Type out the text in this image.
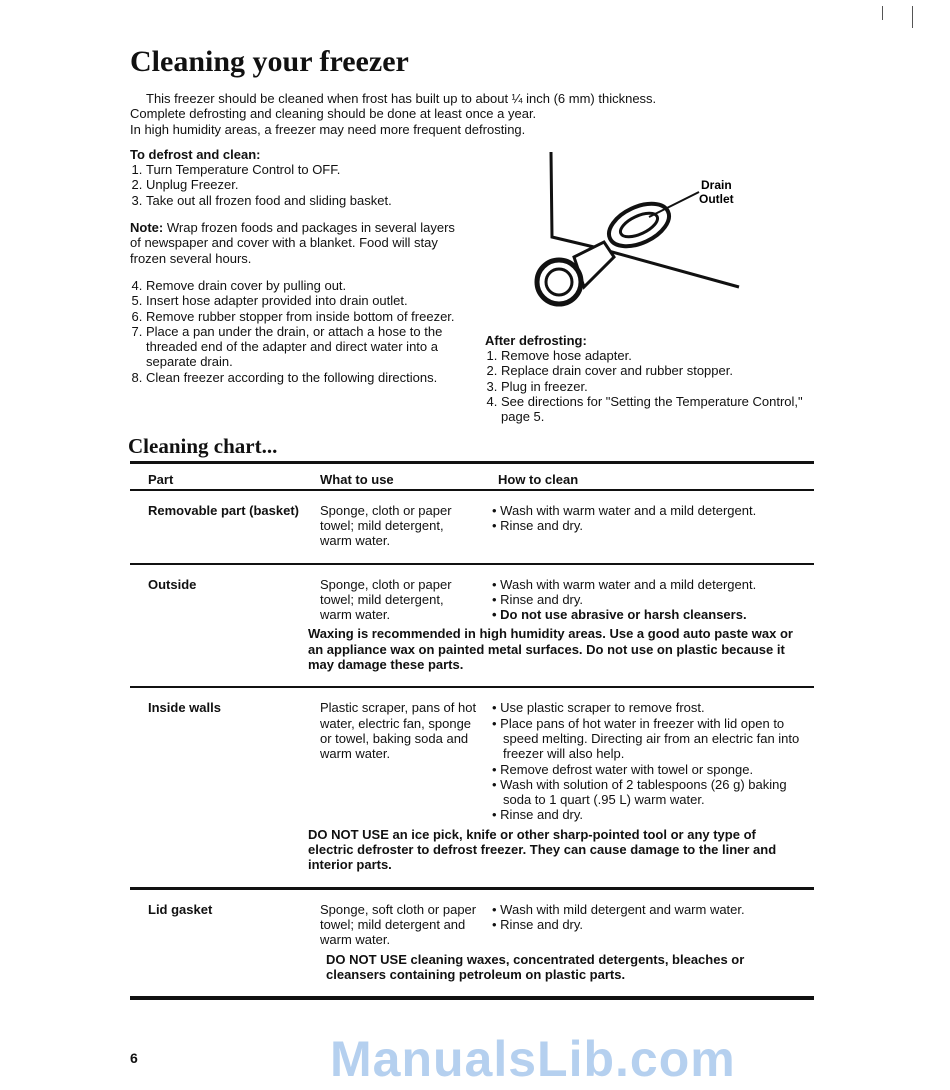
Cleaning your freezer
This freezer should be cleaned when frost has built up to about ¼ inch (6 mm) thickness.
Complete defrosting and cleaning should be done at least once a year.
In high humidity areas, a freezer may need more frequent defrosting.
To defrost and clean:
1. Turn Temperature Control to OFF.
2. Unplug Freezer.
3. Take out all frozen food and sliding basket.
Note: Wrap frozen foods and packages in several layers of newspaper and cover with a blanket. Food will stay frozen several hours.
4. Remove drain cover by pulling out.
5. Insert hose adapter provided into drain outlet.
6. Remove rubber stopper from inside bottom of freezer.
7. Place a pan under the drain, or attach a hose to the threaded end of the adapter and direct water into a separate drain.
8. Clean freezer according to the following directions.
Drain
Outlet
After defrosting:
1. Remove hose adapter.
2. Replace drain cover and rubber stopper.
3. Plug in freezer.
4. See directions for "Setting the Temperature Control," page 5.
Cleaning chart...
Part	What to use	How to clean
Removable part (basket)	Sponge, cloth or paper towel; mild detergent, warm water.
• Wash with warm water and a mild detergent.
• Rinse and dry.
Outside	Sponge, cloth or paper towel; mild detergent, warm water.
• Wash with warm water and a mild detergent.
• Rinse and dry.
• Do not use abrasive or harsh cleansers.
Waxing is recommended in high humidity areas. Use a good auto paste wax or an appliance wax on painted metal surfaces. Do not use on plastic because it may damage these parts.
Inside walls	Plastic scraper, pans of hot water, electric fan, sponge or towel, baking soda and warm water.
• Use plastic scraper to remove frost.
• Place pans of hot water in freezer with lid open to speed melting. Directing air from an electric fan into freezer will also help.
• Remove defrost water with towel or sponge.
• Wash with solution of 2 tablespoons (26 g) baking soda to 1 quart (.95 L) warm water.
• Rinse and dry.
DO NOT USE an ice pick, knife or other sharp-pointed tool or any type of electric defroster to defrost freezer. They can cause damage to the liner and interior parts.
Lid gasket	Sponge, soft cloth or paper towel; mild detergent and warm water.
• Wash with mild detergent and warm water.
• Rinse and dry.
DO NOT USE cleaning waxes, concentrated detergents, bleaches or cleansers containing petroleum on plastic parts.
ManualsLib.com
6
